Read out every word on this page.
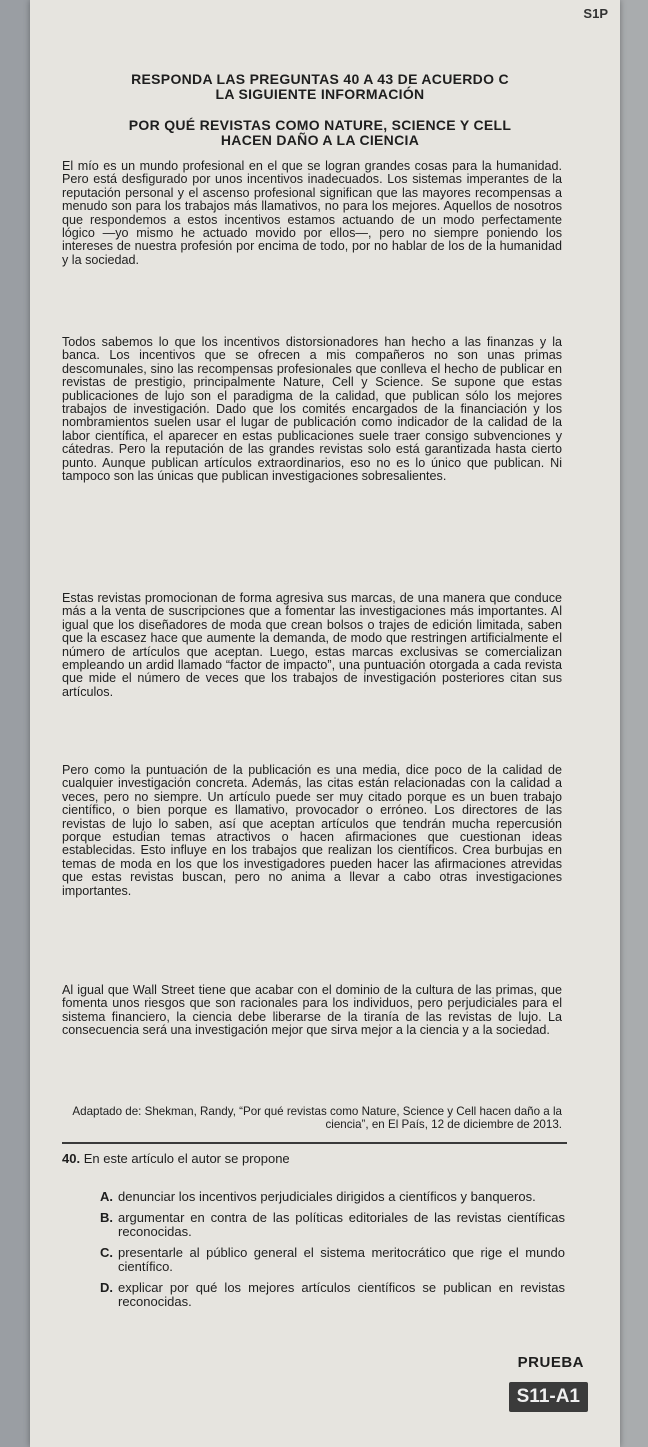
S1P
RESPONDA LAS PREGUNTAS 40 A 43 DE ACUERDO C
LA SIGUIENTE INFORMACIÓN
POR QUÉ REVISTAS COMO NATURE, SCIENCE Y CELL
HACEN DAÑO A LA CIENCIA
El mío es un mundo profesional en el que se logran grandes cosas para la humanidad. Pero está desfigurado por unos incentivos inadecuados. Los sistemas imperantes de la reputación personal y el ascenso profesional significan que las mayores recompensas a menudo son para los trabajos más llamativos, no para los mejores. Aquellos de nosotros que respondemos a estos incentivos estamos actuando de un modo perfectamente lógico —yo mismo he actuado movido por ellos—, pero no siempre poniendo los intereses de nuestra profesión por encima de todo, por no hablar de los de la humanidad y la sociedad.
Todos sabemos lo que los incentivos distorsionadores han hecho a las finanzas y la banca. Los incentivos que se ofrecen a mis compañeros no son unas primas descomunales, sino las recompensas profesionales que conlleva el hecho de publicar en revistas de prestigio, principalmente Nature, Cell y Science. Se supone que estas publicaciones de lujo son el paradigma de la calidad, que publican sólo los mejores trabajos de investigación. Dado que los comités encargados de la financiación y los nombramientos suelen usar el lugar de publicación como indicador de la calidad de la labor científica, el aparecer en estas publicaciones suele traer consigo subvenciones y cátedras. Pero la reputación de las grandes revistas solo está garantizada hasta cierto punto. Aunque publican artículos extraordinarios, eso no es lo único que publican. Ni tampoco son las únicas que publican investigaciones sobresalientes.
Estas revistas promocionan de forma agresiva sus marcas, de una manera que conduce más a la venta de suscripciones que a fomentar las investigaciones más importantes. Al igual que los diseñadores de moda que crean bolsos o trajes de edición limitada, saben que la escasez hace que aumente la demanda, de modo que restringen artificialmente el número de artículos que aceptan. Luego, estas marcas exclusivas se comercializan empleando un ardid llamado “factor de impacto”, una puntuación otorgada a cada revista que mide el número de veces que los trabajos de investigación posteriores citan sus artículos.
Pero como la puntuación de la publicación es una media, dice poco de la calidad de cualquier investigación concreta. Además, las citas están relacionadas con la calidad a veces, pero no siempre. Un artículo puede ser muy citado porque es un buen trabajo científico, o bien porque es llamativo, provocador o erróneo. Los directores de las revistas de lujo lo saben, así que aceptan artículos que tendrán mucha repercusión porque estudian temas atractivos o hacen afirmaciones que cuestionan ideas establecidas. Esto influye en los trabajos que realizan los científicos. Crea burbujas en temas de moda en los que los investigadores pueden hacer las afirmaciones atrevidas que estas revistas buscan, pero no anima a llevar a cabo otras investigaciones importantes.
Al igual que Wall Street tiene que acabar con el dominio de la cultura de las primas, que fomenta unos riesgos que son racionales para los individuos, pero perjudiciales para el sistema financiero, la ciencia debe liberarse de la tiranía de las revistas de lujo. La consecuencia será una investigación mejor que sirva mejor a la ciencia y a la sociedad.
Adaptado de: Shekman, Randy, “Por qué revistas como Nature, Science y Cell hacen daño a la ciencia”, en El País, 12 de diciembre de 2013.
40. En este artículo el autor se propone
A. denunciar los incentivos perjudiciales dirigidos a científicos y banqueros.
B. argumentar en contra de las políticas editoriales de las revistas científicas reconocidas.
C. presentarle al público general el sistema meritocrático que rige el mundo científico.
D. explicar por qué los mejores artículos científicos se publican en revistas reconocidas.
PRUEBA
S11-A1
